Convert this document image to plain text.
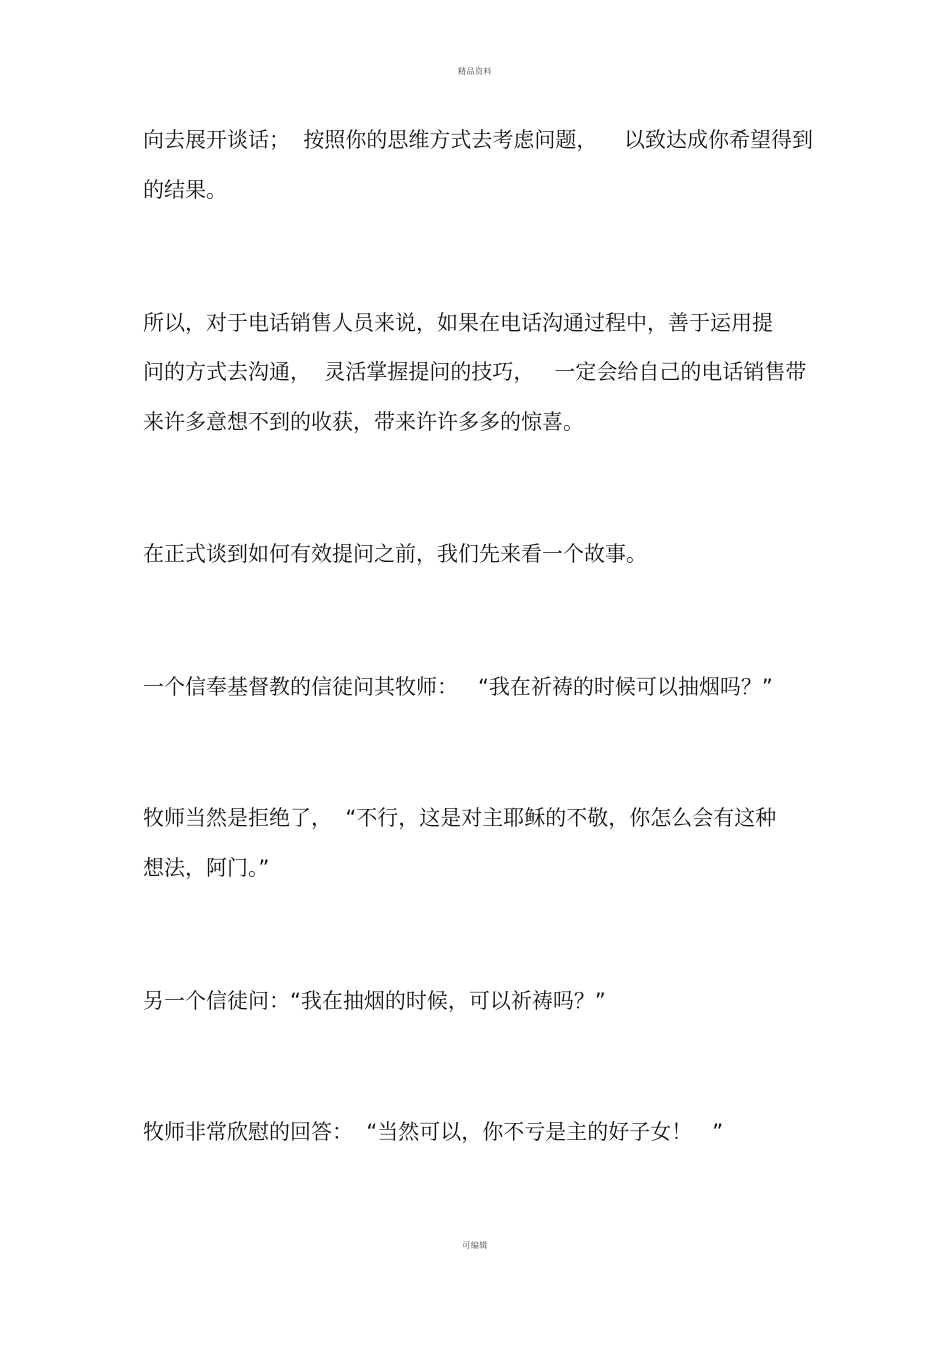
精品资料
向去展开谈话；  按照你的思维方式去考虑问题，    以致达成你希望得到
的结果。
所以，对于电话销售人员来说，如果在电话沟通过程中，善于运用提
问的方式去沟通，  灵活掌握提问的技巧，   一定会给自己的电话销售带
来许多意想不到的收获，带来许许多多的惊喜。
在正式谈到如何有效提问之前，我们先来看一个故事。
一个信奉基督教的信徒问其牧师：   “我在祈祷的时候可以抽烟吗？”
牧师当然是拒绝了，  “不行，这是对主耶稣的不敬，你怎么会有这种
想法，阿门。”
另一个信徒问：“我在抽烟的时候，可以祈祷吗？”
牧师非常欣慰的回答：  “当然可以，你不亏是主的好子女！   ”
可编辑
